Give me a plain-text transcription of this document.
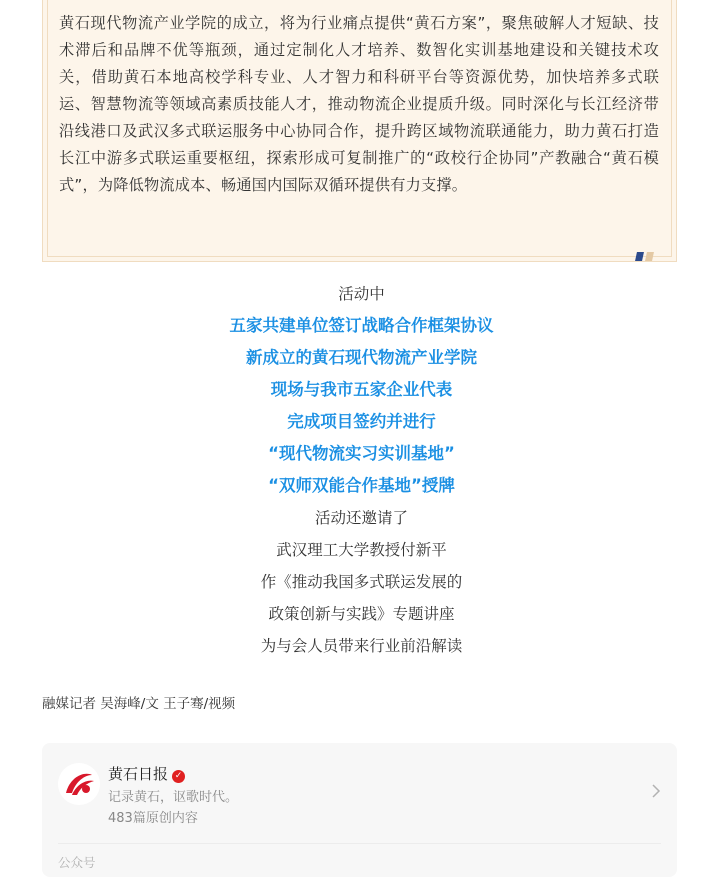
黄石现代物流产业学院的成立，将为行业痛点提供“黄石方案”，聚焦破解人才短缺、技术滞后和品牌不优等瓶颈，通过定制化人才培养、数智化实训基地建设和关键技术攻关，借助黄石本地高校学科专业、人才智力和科研平台等资源优势，加快培养多式联运、智慧物流等领域高素质技能人才，推动物流企业提质升级。同时深化与长江经济带沿线港口及武汉多式联运服务中心协同合作，提升跨区域物流联通能力，助力黄石打造长江中游多式联运重要枢纽，探索形成可复制推广的“政校行企协同”产教融合“黄石模式”，为降低物流成本、畅通国内国际双循环提供有力支撑。

活动中
五家共建单位签订战略合作框架协议
新成立的黄石现代物流产业学院
现场与我市五家企业代表
完成项目签约并进行
“现代物流实习实训基地”
“双师双能合作基地”授牌
活动还邀请了
武汉理工大学教授付新平
作《推动我国多式联运发展的
政策创新与实践》专题讲座
为与会人员带来行业前沿解读
融媒记者 吴海峰/文 王子骞/视频
黄石日报 ✓
记录黄石，讴歌时代。
483篇原创内容
公众号
